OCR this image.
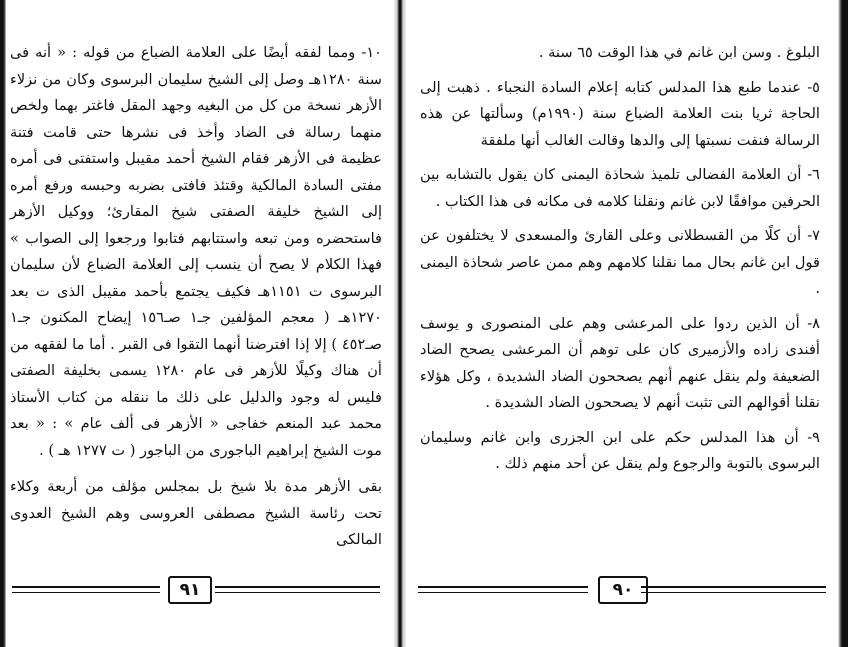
١٠- ومما لفقه أيضًا على العلامة الضباع من قوله : « أنه فى سنة ١٢٨٠هـ وصل إلى الشيخ سليمان البرسوى وكان من نزلاء الأزهر نسخة من كل من البغيه وجهد المقل فاغتر بهما ولخص منهما رسالة فى الضاد وأخذ فى نشرها حتى قامت فتنة عظيمة فى الأزهر فقام الشيخ أحمد مقيبل واستفتى فى أمره مفتى السادة المالكية وقتئذ فافتى بضربه وحبسه ورفع أمره إلى الشيخ خليفة الصفتى شيخ المقارئ؛ ووكيل الأزهر فاستحضره ومن تبعه واستتابهم فتابوا ورجعوا إلى الصواب » فهذا الكلام لا يصح أن ينسب إلى العلامة الضباع لأن سليمان البرسوى ت ١١٥١هـ فكيف يجتمع بأحمد مقيبل الذى ت بعد ١٢٧٠هـ ( معجم المؤلفين جـ١ صـ١٥٦ إيضاح المكنون جـ١ صـ٤٥٢ ) إلا إذا افترضنا أنهما التقوا فى القبر . أما ما لفقهه من أن هناك وكيلًا للأزهر فى عام ١٢٨٠ يسمى بخليفة الصفتى فليس له وجود والدليل على ذلك ما ننقله من كتاب الأستاذ محمد عبد المنعم خفاجى « الأزهر فى ألف عام » : « بعد موت الشيخ إبراهيم الباجورى من الباجور ( ت ١٢٧٧ هـ ) .

بقى الأزهر مدة بلا شيخ بل بمجلس مؤلف من أربعة وكلاء تحت رئاسة الشيخ مصطفى العروسى وهم الشيخ العدوى المالكى

٩١

البلوغ . وسن ابن غانم في هذا الوقت ٦٥ سنة .

٥- عندما طبع هذا المدلس كتابه إعلام السادة النجباء . ذهبت إلى الحاجة ثريا بنت العلامة الضباع سنة (١٩٩٠م) وسألتها عن هذه الرسالة فنفت نسبتها إلى والدها وقالت الغالب أنها ملفقة

٦- أن العلامة الفضالى تلميذ شحاذة اليمنى كان يقول بالتشابه بين الحرفين موافقًا لابن غانم ونقلنا كلامه فى مكانه فى هذا الكتاب .

٧- أن كلًا من القسطلانى وعلى القارئ والمسعدى لا يختلفون عن قول ابن غانم بحال مما نقلنا كلامهم وهم ممن عاصر شحاذة اليمنى .

٨- أن الذين ردوا على المرعشى وهم على المنصورى و يوسف أفندى زاده والأزميرى كان على توهم أن المرعشى يصحح الضاد الضعيفة ولم ينقل عنهم أنهم يصححون الضاد الشديدة ، وكل هؤلاء نقلنا أقوالهم التى تثبت أنهم لا يصححون الضاد الشديدة .

٩- أن هذا المدلس حكم على ابن الجزرى وابن غانم وسليمان البرسوى بالتوبة والرجوع ولم ينقل عن أحد منهم ذلك .

٩٠
